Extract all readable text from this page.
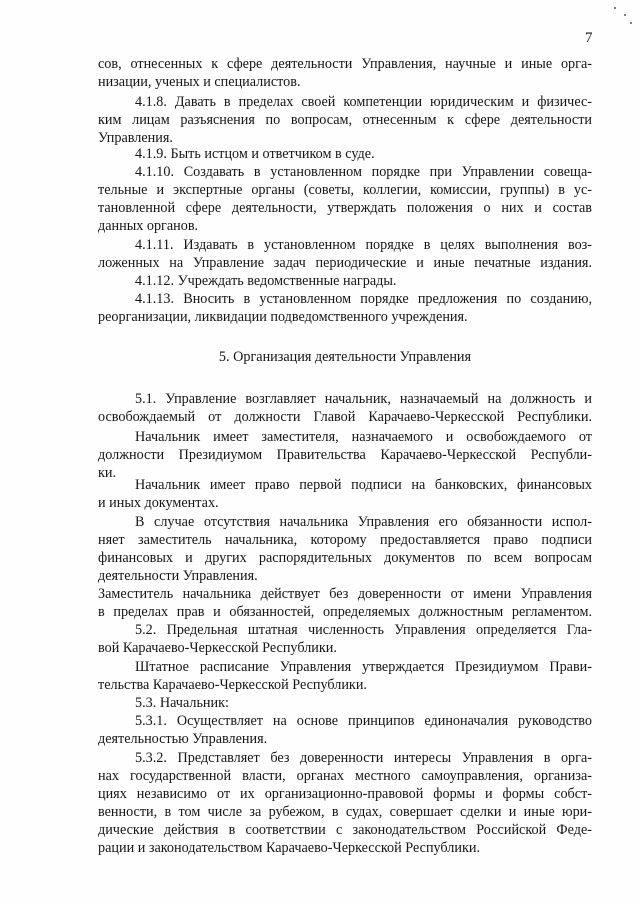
7
сов, отнесенных к сфере деятельности Управления, научные и иные орга-
низации, ученых и специалистов.
4.1.8. Давать в пределах своей компетенции юридическим и физичес-
ким лицам разъяснения по вопросам, отнесенным к сфере деятельности
Управления.
4.1.9. Быть истцом и ответчиком в суде.
4.1.10. Создавать в установленном порядке при Управлении совеща-
тельные и экспертные органы (советы, коллегии, комиссии, группы) в ус-
тановленной сфере деятельности, утверждать положения о них и состав
данных органов.
4.1.11. Издавать в установленном порядке в целях выполнения воз-
ложенных на Управление задач периодические и иные печатные издания.
4.1.12. Учреждать ведомственные награды.
4.1.13. Вносить в установленном порядке предложения по созданию,
реорганизации, ликвидации подведомственного учреждения.
5. Организация деятельности Управления
5.1. Управление возглавляет начальник, назначаемый на должность и
освобождаемый от должности Главой Карачаево-Черкесской Республики.
Начальник имеет заместителя, назначаемого и освобождаемого от
должности Президиумом Правительства Карачаево-Черкесской Республи-
ки.
Начальник имеет право первой подписи на банковских, финансовых
и иных документах.
В случае отсутствия начальника Управления его обязанности испол-
няет заместитель начальника, которому предоставляется право подписи
финансовых и других распорядительных документов по всем вопросам
деятельности Управления.
Заместитель начальника действует без доверенности от имени Управления
в пределах прав и обязанностей, определяемых должностным регламентом.
5.2. Предельная штатная численность Управления определяется Гла-
вой Карачаево-Черкесской Республики.
Штатное расписание Управления утверждается Президиумом Прави-
тельства Карачаево-Черкесской Республики.
5.3. Начальник:
5.3.1. Осуществляет на основе принципов единоначалия руководство
деятельностью Управления.
5.3.2. Представляет без доверенности интересы Управления в орга-
нах государственной власти, органах местного самоуправления, организа-
циях независимо от их организационно-правовой формы и формы собст-
венности, в том числе за рубежом, в судах, совершает сделки и иные юри-
дические действия в соответствии с законодательством Российской Феде-
рации и законодательством Карачаево-Черкесской Республики.
